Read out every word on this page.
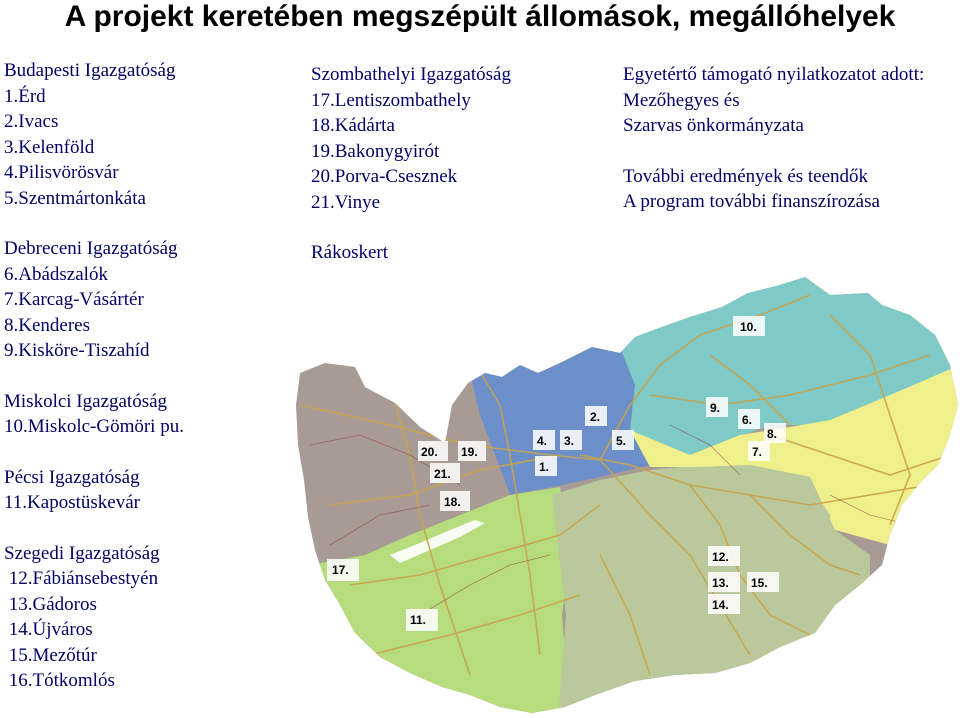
A projekt keretében megszépült állomások, megállóhelyek
Budapesti Igazgatóság
1.Érd
2.Ivacs
3.Kelenföld
4.Pilisvörösvár
5.Szentmártonkáta
Debreceni Igazgatóság
6.Abádszalók
7.Karcag-Vásártér
8.Kenderes
9.Kisköre-Tiszahíd
Miskolci Igazgatóság
10.Miskolc-Gömöri pu.
Pécsi Igazgatóság
11.Kapostüskevár
Szegedi Igazgatóság
12.Fábiánsebestyén
13.Gádoros
14.Újváros
15.Mezőtúr
16.Tótkomlós
Szombathelyi Igazgatóság
17.Lentiszombathely
18.Kádárta
19.Bakonygyirót
20.Porva-Csesznek
21.Vinye
Rákoskert
Egyetértő támogató nyilatkozatot adott:
Mezőhegyes és
Szarvas önkormányzata
További eredmények és teendők
A program további finanszírozása
10.
2.
9.
6.
8.
7.
4. 3.	5.
1.
20. 19.
21.
18.
12.
13. 15.
14.
17.
11.
